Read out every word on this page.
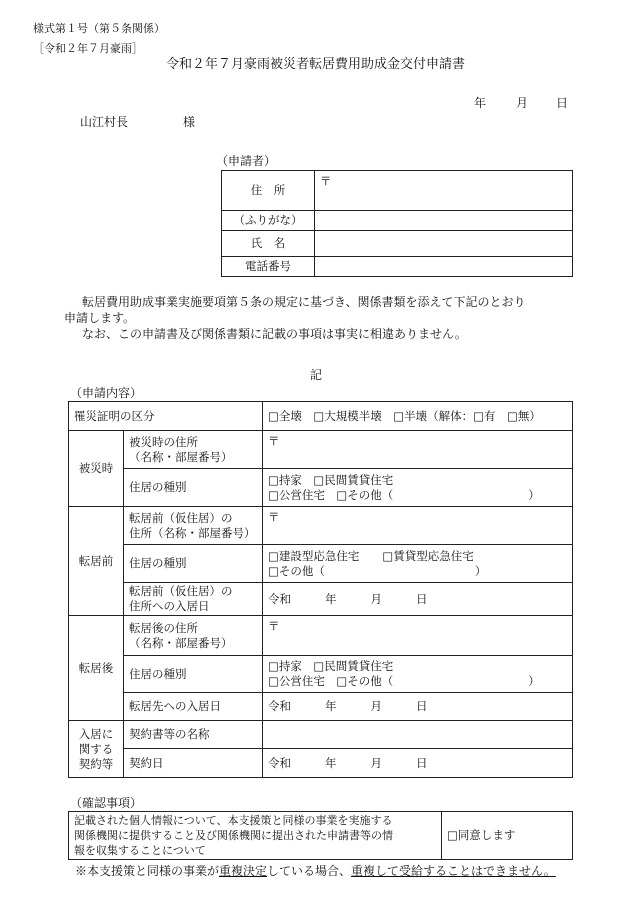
様式第１号（第５条関係）
［令和２年７月豪雨］
令和２年７月豪雨被災者転居費用助成金交付申請書
年 月 日
山江村長	様
（申請者）
住　所	〒
（ふりがな）	
氏　名	
電話番号	
転居費用助成事業実施要項第５条の規定に基づき、関係書類を添えて下記のとおり
申請します。
なお、この申請書及び関係書類に記載の事項は事実に相違ありません。
記
（申請内容）
罹災証明の区分		□全壊　□大規模半壊　□半壊（解体：□有　□無）
被災時	被災時の住所
（名称・部屋番号）	〒
	住居の種別	□持家　□民間賃貸住宅
□公営住宅　□その他（ ）
転居前	転居前（仮住居）の
住所（名称・部屋番号）	〒
	住居の種別	□建設型応急住宅　　□賃貸型応急住宅
□その他（ ）
	転居前（仮住居）の
住所への入居日	令和 年 月 日
転居後	転居後の住所
（名称・部屋番号）	〒
	住居の種別	□持家　□民間賃貸住宅
□公営住宅　□その他（ ）
	転居先への入居日	令和 年 月 日
入居に
関する
契約等	契約書等の名称	
	契約日	令和 年 月 日
（確認事項）
記載された個人情報について、本支援策と同様の事業を実施する
関係機関に提供すること及び関係機関に提出された申請書等の情
報を収集することについて	□同意します
※本支援策と同様の事業が重複決定している場合、重複して受給することはできません。
